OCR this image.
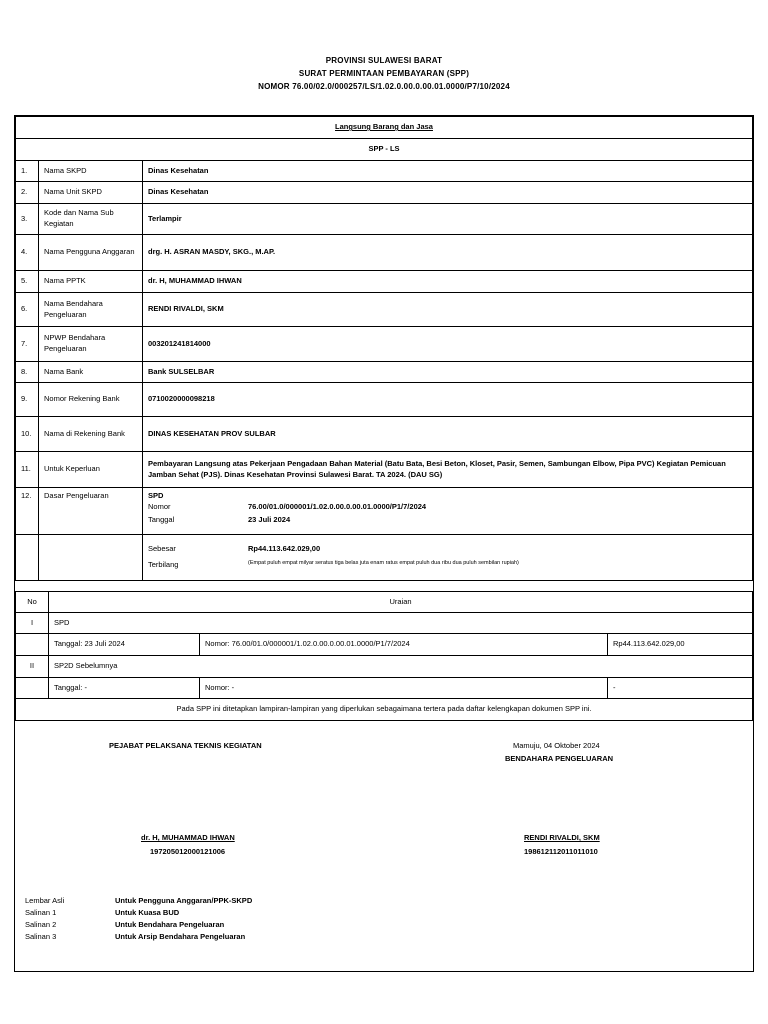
PROVINSI SULAWESI BARAT
SURAT PERMINTAAN PEMBAYARAN (SPP)
NOMOR 76.00/02.0/000257/LS/1.02.0.00.0.00.01.0000/P7/10/2024
Langsung Barang dan Jasa		
SPP - LS		
1.	Nama SKPD	Dinas Kesehatan
2.	Nama Unit SKPD	Dinas Kesehatan
3.	Kode dan Nama Sub Kegiatan	Terlampir
4.	Nama Pengguna Anggaran	drg. H. ASRAN MASDY, SKG., M.AP.
5.	Nama PPTK	dr. H, MUHAMMAD IHWAN
6.	Nama Bendahara Pengeluaran	RENDI RIVALDI, SKM
7.	NPWP Bendahara Pengeluaran	003201241814000
8.	Nama Bank	Bank SULSELBAR
9.	Nomor Rekening Bank	0710020000098218
10.	Nama di Rekening Bank	DINAS KESEHATAN PROV SULBAR
11.	Untuk Keperluan	Pembayaran Langsung atas Pekerjaan Pengadaan Bahan Material (Batu Bata, Besi Beton, Kloset, Pasir, Semen, Sambungan Elbow, Pipa PVC) Kegiatan Pemicuan Jamban Sehat (PJS). Dinas Kesehatan Provinsi Sulawesi Barat. TA 2024. (DAU SG)
12.	Dasar Pengeluaran	SPD
Nomor 76.00/01.0/000001/1.02.0.00.0.00.01.0000/P1/7/2024
Tanggal 23 Juli 2024

		Sebesar Rp44.113.642.029,00
Terbilang (Empat puluh empat milyar seratus tiga belas juta enam ratus empat puluh dua ribu dua puluh sembilan rupiah)
No	Uraian		
I	SPD		
	Tanggal: 23 Juli 2024	Nomor: 76.00/01.0/000001/1.02.0.00.0.00.01.0000/P1/7/2024	Rp44.113.642.029,00
II	SP2D Sebelumnya		
	Tanggal: -	Nomor: -	-
Pada SPP ini ditetapkan lampiran-lampiran yang diperlukan sebagaimana tertera pada daftar kelengkapan dokumen SPP ini.			
PEJABAT PELAKSANA TEKNIS KEGIATAN	Mamuju, 04 Oktober 2024
BENDAHARA PENGELUARAN
dr. H, MUHAMMAD IHWAN
197205012000121006
RENDI RIVALDI, SKM
198612112011011010
Lembar Asli	Untuk Pengguna Anggaran/PPK-SKPD
Salinan 1	Untuk Kuasa BUD
Salinan 2	Untuk Bendahara Pengeluaran
Salinan 3	Untuk Arsip Bendahara Pengeluaran
